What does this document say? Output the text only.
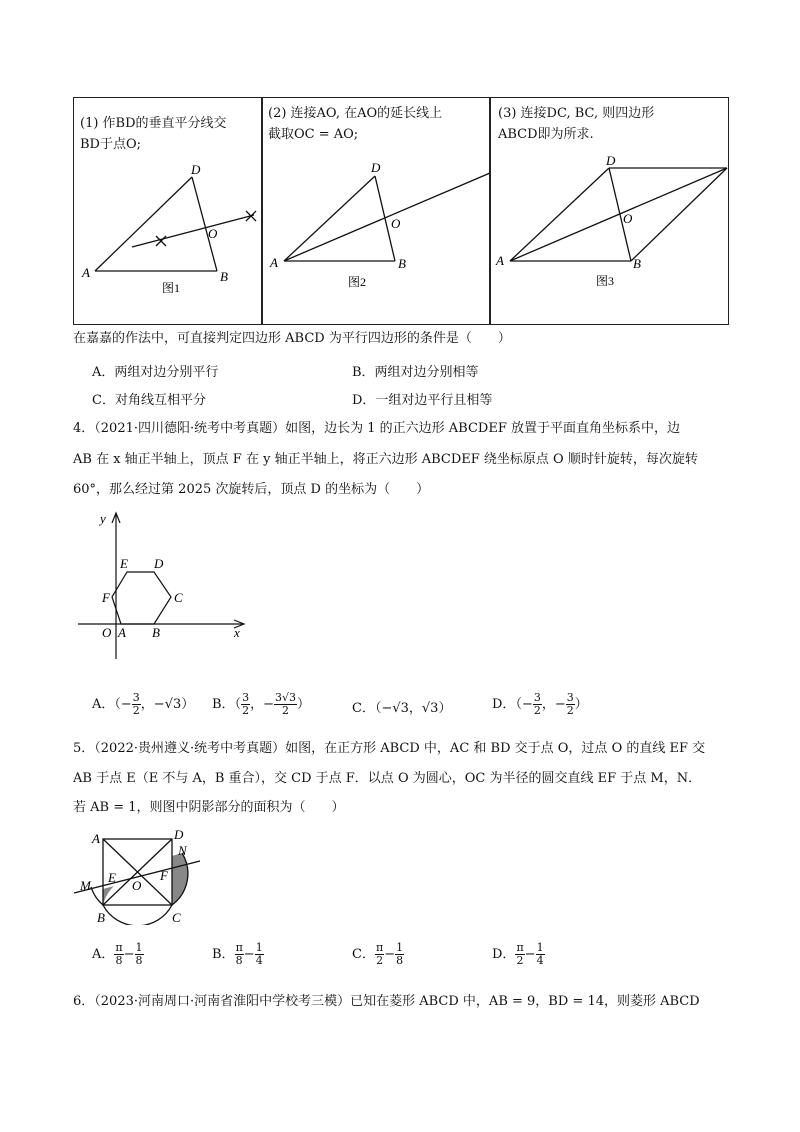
(1) 作BD的垂直平分线交
BD于点O;
(2) 连接AO, 在AO的延长线上
截取OC = AO;
(3) 连接DC, BC, 则四边形
ABCD即为所求.
A	B
D
O
图1
A	B
D
O
图2
A	B
D
O
图3
在嘉嘉的作法中，可直接判定四边形 ABCD 为平行四边形的条件是（　　）
A．两组对边分别平行	B．两组对边分别相等
C．对角线互相平分	D．一组对边平行且相等
4．（2021·四川德阳·统考中考真题）如图，边长为 1 的正六边形 ABCDEF 放置于平面直角坐标系中，边
AB 在 x 轴正半轴上，顶点 F 在 y 轴正半轴上，将正六边形 ABCDEF 绕坐标原点 O 顺时针旋转，每次旋转
60°，那么经过第 2025 次旋转后，顶点 D 的坐标为（　　）
y
x
O A B
C
D
E
F
A．（− $\frac{3}{2}$ ，−√3） B．（ $\frac{3}{2}$ ，− $\frac{3√3}{2}$ ）	C．（−√3，√3）	D．（− $\frac{3}{2}$ ，− $\frac{3}{2}$ ）
5．（2022·贵州遵义·统考中考真题）如图，在正方形 ABCD 中，AC 和 BD 交于点 O，过点 O 的直线 EF 交
AB 于点 E（E 不与 A，B 重合），交 CD 于点 F．以点 O 为圆心，OC 为半径的圆交直线 EF 于点 M，N．
若 AB = 1，则图中阴影部分的面积为（　　）
A	D
B	C
E	F
M
N
O
A． $\frac{\pi}{8} - \frac{1}{8}$	B． $\frac{\pi}{8} - \frac{1}{4}$	C． $\frac{\pi}{2} - \frac{1}{8}$	D． $\frac{\pi}{2} - \frac{1}{4}$
6．（2023·河南周口·河南省淮阳中学校考三模）已知在菱形 ABCD 中，AB = 9，BD = 14，则菱形 ABCD
